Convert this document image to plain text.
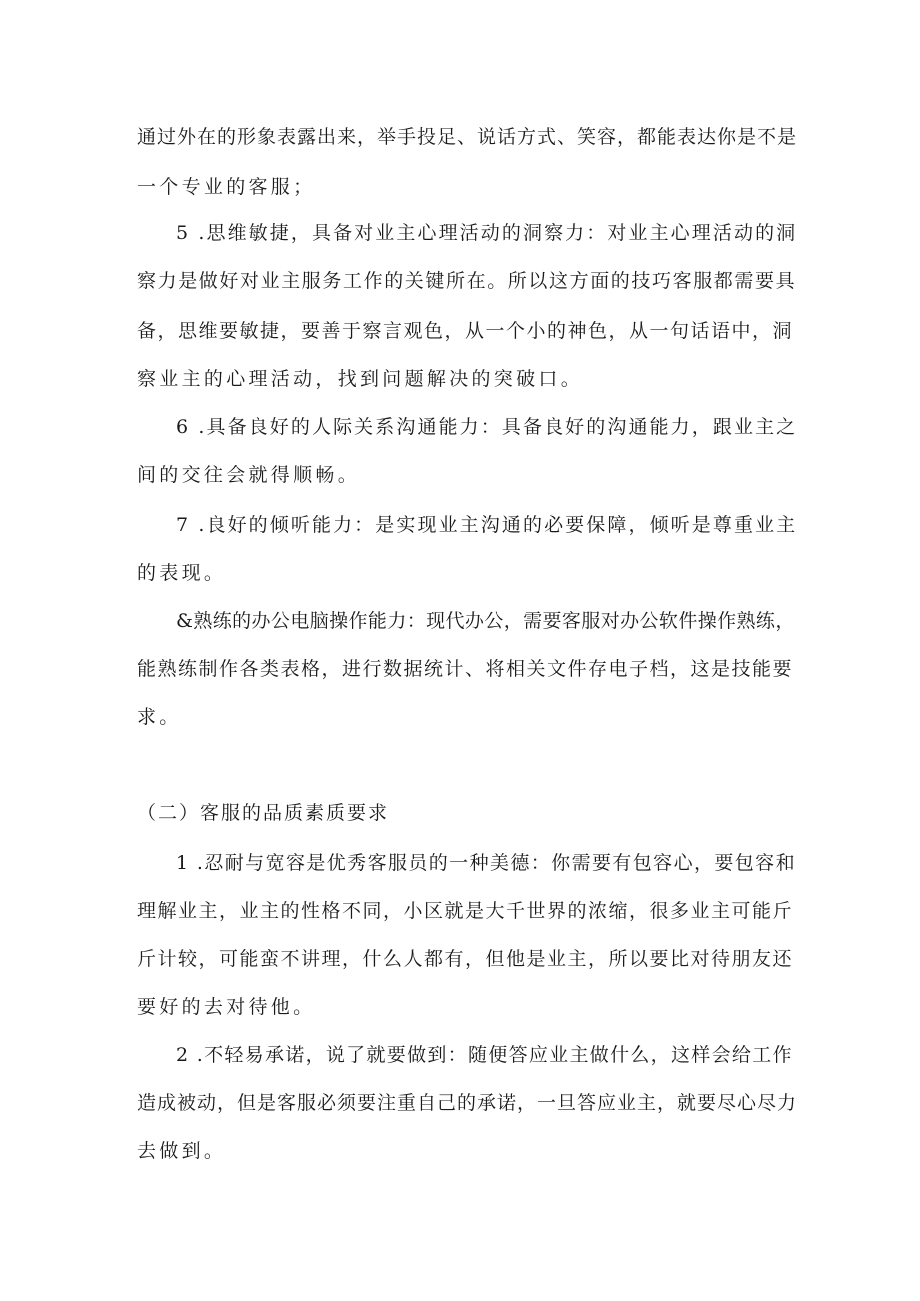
通过外在的形象表露出来，举手投足、说话方式、笑容，都能表达你是不是
一个专业的客服；
5 .思维敏捷，具备对业主心理活动的洞察力：对业主心理活动的洞
察力是做好对业主服务工作的关键所在。所以这方面的技巧客服都需要具
备，思维要敏捷，要善于察言观色，从一个小的神色，从一句话语中，洞
察业主的心理活动，找到问题解决的突破口。
6 .具备良好的人际关系沟通能力：具备良好的沟通能力，跟业主之
间的交往会就得顺畅。
7 .良好的倾听能力：是实现业主沟通的必要保障，倾听是尊重业主
的表现。
&熟练的办公电脑操作能力：现代办公，需要客服对办公软件操作熟练，
能熟练制作各类表格，进行数据统计、将相关文件存电子档，这是技能要
求。
（二）客服的品质素质要求
1 .忍耐与宽容是优秀客服员的一种美德：你需要有包容心，要包容和
理解业主，业主的性格不同，小区就是大千世界的浓缩，很多业主可能斤
斤计较，可能蛮不讲理，什么人都有，但他是业主，所以要比对待朋友还
要好的去对待他。
2 .不轻易承诺，说了就要做到：随便答应业主做什么，这样会给工作
造成被动，但是客服必须要注重自己的承诺，一旦答应业主，就要尽心尽力
去做到。
